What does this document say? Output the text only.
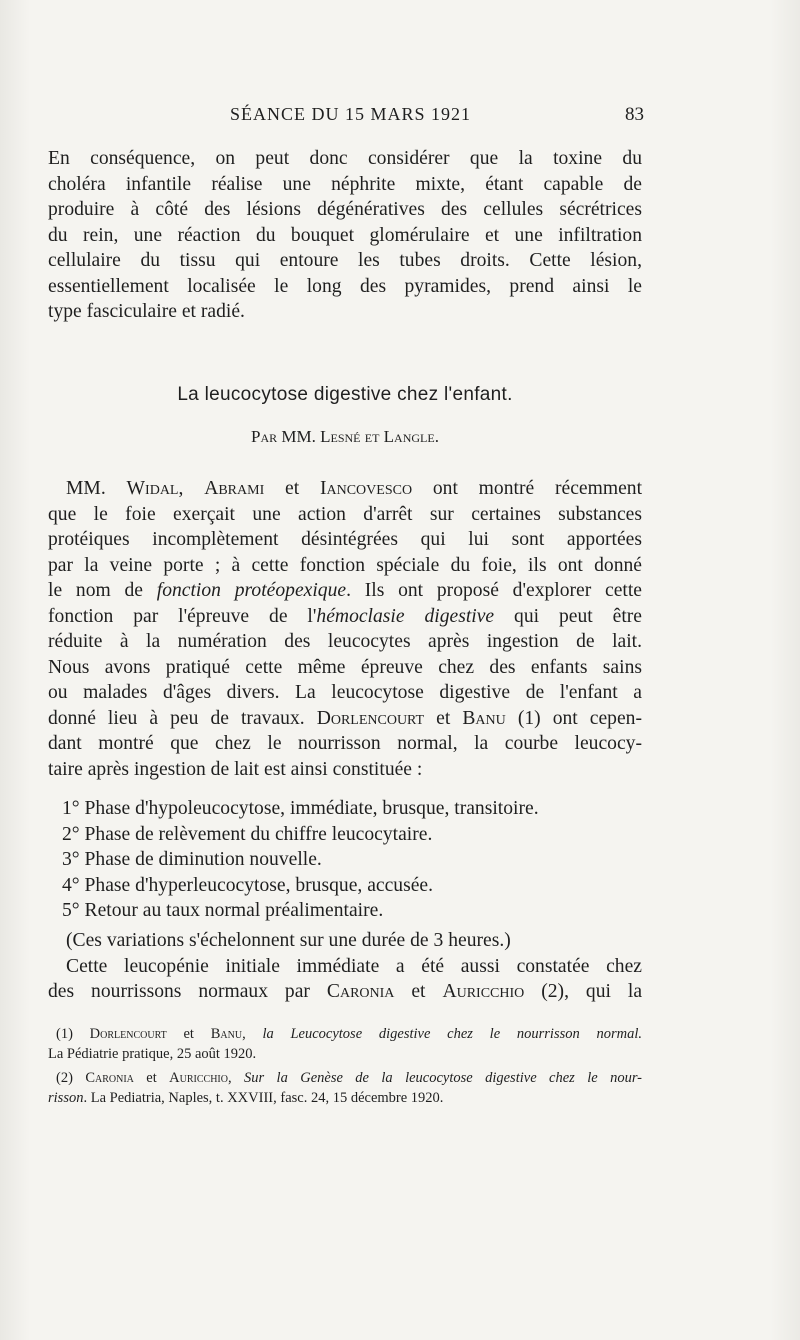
SÉANCE DU 15 MARS 1921	83
En conséquence, on peut donc considérer que la toxine du
choléra infantile réalise une néphrite mixte, étant capable de
produire à côté des lésions dégénératives des cellules sécrétrices
du rein, une réaction du bouquet glomérulaire et une infiltration
cellulaire du tissu qui entoure les tubes droits. Cette lésion,
essentiellement localisée le long des pyramides, prend ainsi le
type fasciculaire et radié.
La leucocytose digestive chez l'enfant.
Par MM. Lesné et Langle.
MM. Widal, Abrami et Iancovesco ont montré récemment
que le foie exerçait une action d'arrêt sur certaines substances
protéiques incomplètement désintégrées qui lui sont apportées
par la veine porte ; à cette fonction spéciale du foie, ils ont donné
le nom de fonction protéopexique. Ils ont proposé d'explorer cette
fonction par l'épreuve de l'hémoclasie digestive qui peut être
réduite à la numération des leucocytes après ingestion de lait.
Nous avons pratiqué cette même épreuve chez des enfants sains
ou malades d'âges divers. La leucocytose digestive de l'enfant a
donné lieu à peu de travaux. Dorlencourt et Banu (1) ont cepen-
dant montré que chez le nourrisson normal, la courbe leucocy-
taire après ingestion de lait est ainsi constituée :
1° Phase d'hypoleucocytose, immédiate, brusque, transitoire.
2° Phase de relèvement du chiffre leucocytaire.
3° Phase de diminution nouvelle.
4° Phase d'hyperleucocytose, brusque, accusée.
5° Retour au taux normal préalimentaire.
(Ces variations s'échelonnent sur une durée de 3 heures.)
Cette leucopénie initiale immédiate a été aussi constatée chez
des nourrissons normaux par Caronia et Auricchio (2), qui la
(1) Dorlencourt et Banu, la Leucocytose digestive chez le nourrisson normal.
La Pédiatrie pratique, 25 août 1920.
(2) Caronia et Auricchio, Sur la Genèse de la leucocytose digestive chez le nour-
risson. La Pediatria, Naples, t. XXVIII, fasc. 24, 15 décembre 1920.
